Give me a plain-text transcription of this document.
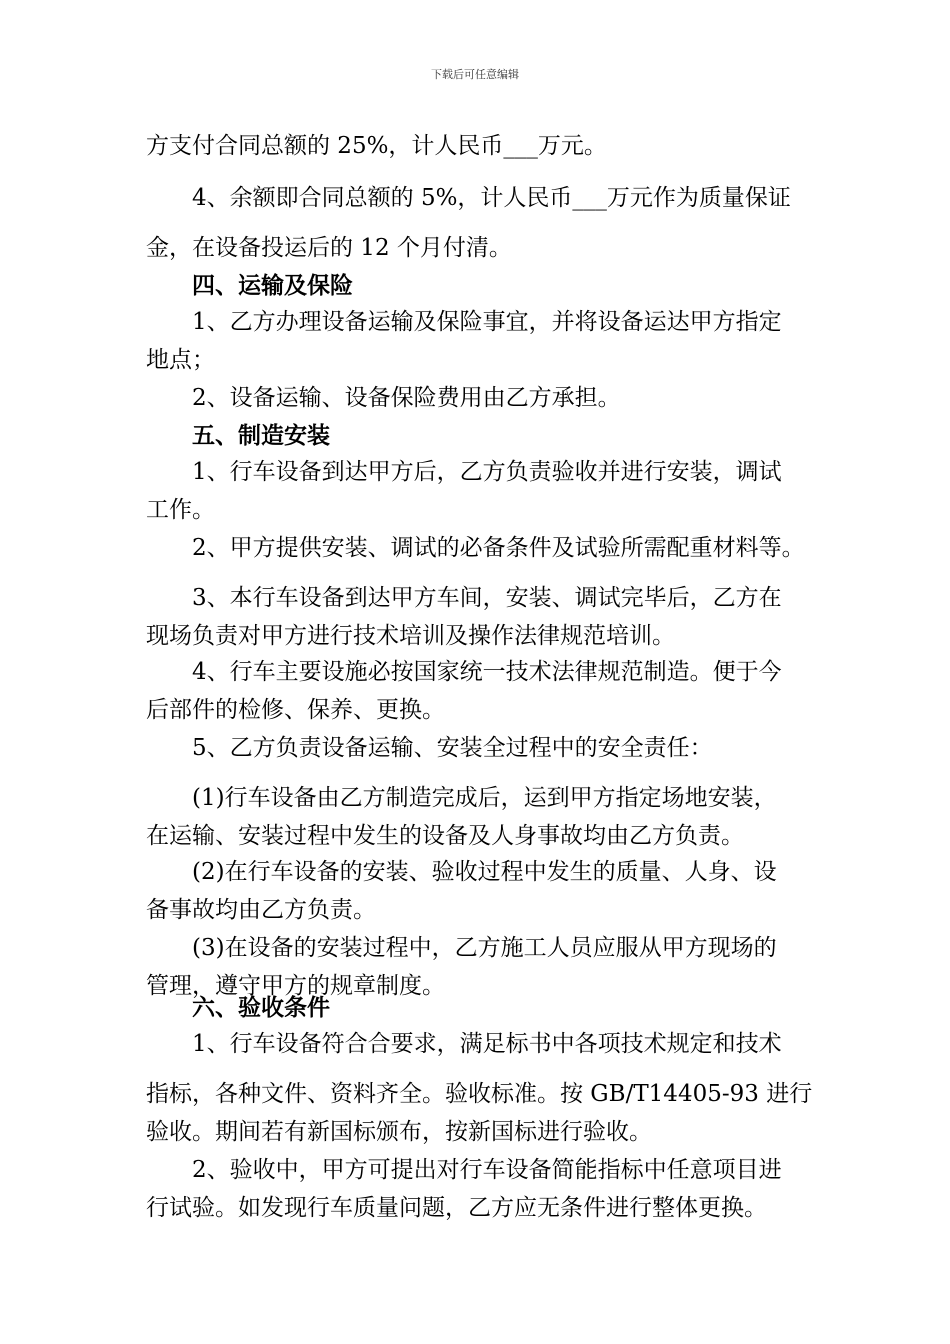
下载后可任意编辑
方支付合同总额的 25%，计人民币___万元。
4、余额即合同总额的 5%，计人民币___万元作为质量保证
金，在设备投运后的 12 个月付清。
四、运输及保险
1、乙方办理设备运输及保险事宜，并将设备运达甲方指定
地点；
2、设备运输、设备保险费用由乙方承担。
五、制造安装
1、行车设备到达甲方后，乙方负责验收并进行安装，调试
工作。
2、甲方提供安装、调试的必备条件及试验所需配重材料等。
3、本行车设备到达甲方车间，安装、调试完毕后，乙方在
现场负责对甲方进行技术培训及操作法律规范培训。
4、行车主要设施必按国家统一技术法律规范制造。便于今
后部件的检修、保养、更换。
5、乙方负责设备运输、安装全过程中的安全责任：
(1)行车设备由乙方制造完成后，运到甲方指定场地安装，
在运输、安装过程中发生的设备及人身事故均由乙方负责。
(2)在行车设备的安装、验收过程中发生的质量、人身、设
备事故均由乙方负责。
(3)在设备的安装过程中，乙方施工人员应服从甲方现场的
管理，遵守甲方的规章制度。
六、验收条件
1、行车设备符合合要求，满足标书中各项技术规定和技术
指标，各种文件、资料齐全。验收标准。按 GB/T14405-93 进行
验收。期间若有新国标颁布，按新国标进行验收。
2、验收中，甲方可提出对行车设备简能指标中任意项目进
行试验。如发现行车质量问题，乙方应无条件进行整体更换。
